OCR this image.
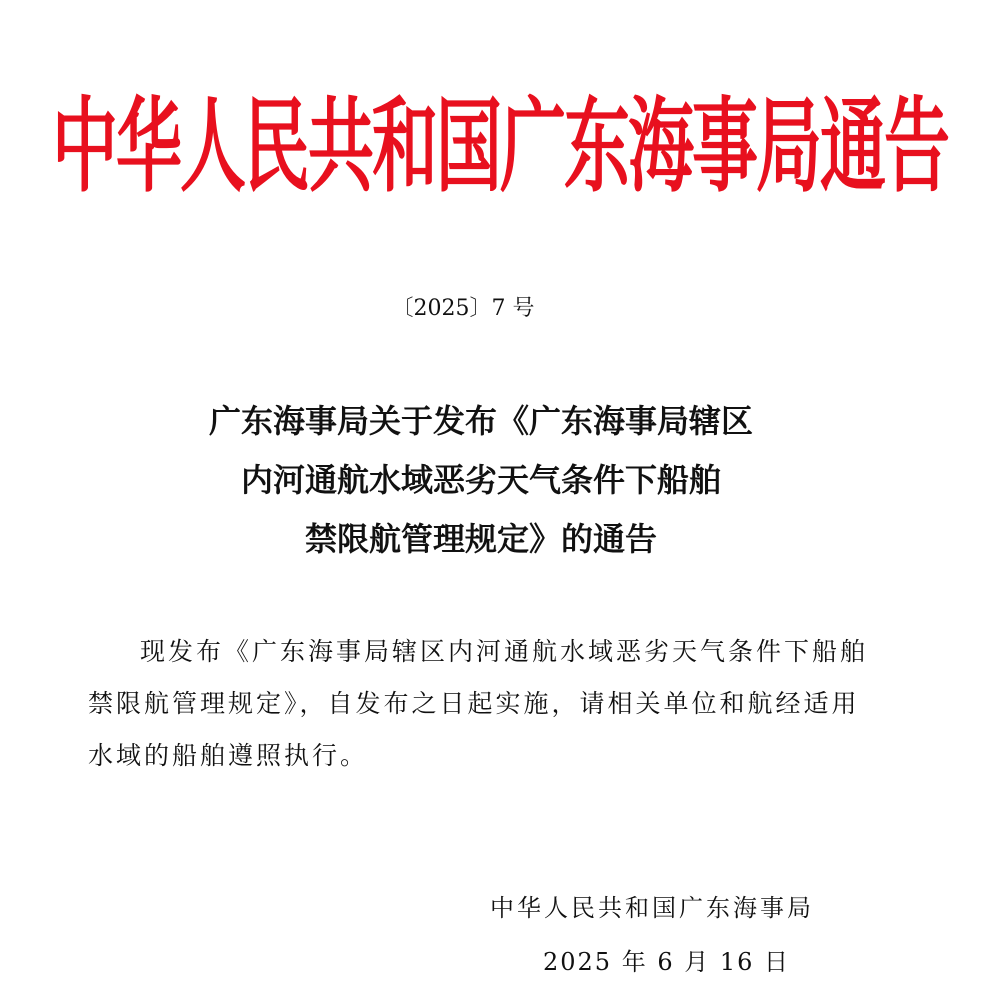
中华人民共和国广东海事局通告
〔2025〕7 号
广东海事局关于发布《广东海事局辖区
内河通航水域恶劣天气条件下船舶
禁限航管理规定》的通告
现发布《广东海事局辖区内河通航水域恶劣天气条件下船舶
禁限航管理规定》，自发布之日起实施，请相关单位和航经适用
水域的船舶遵照执行。
中华人民共和国广东海事局
2025 年 6 月 16 日
